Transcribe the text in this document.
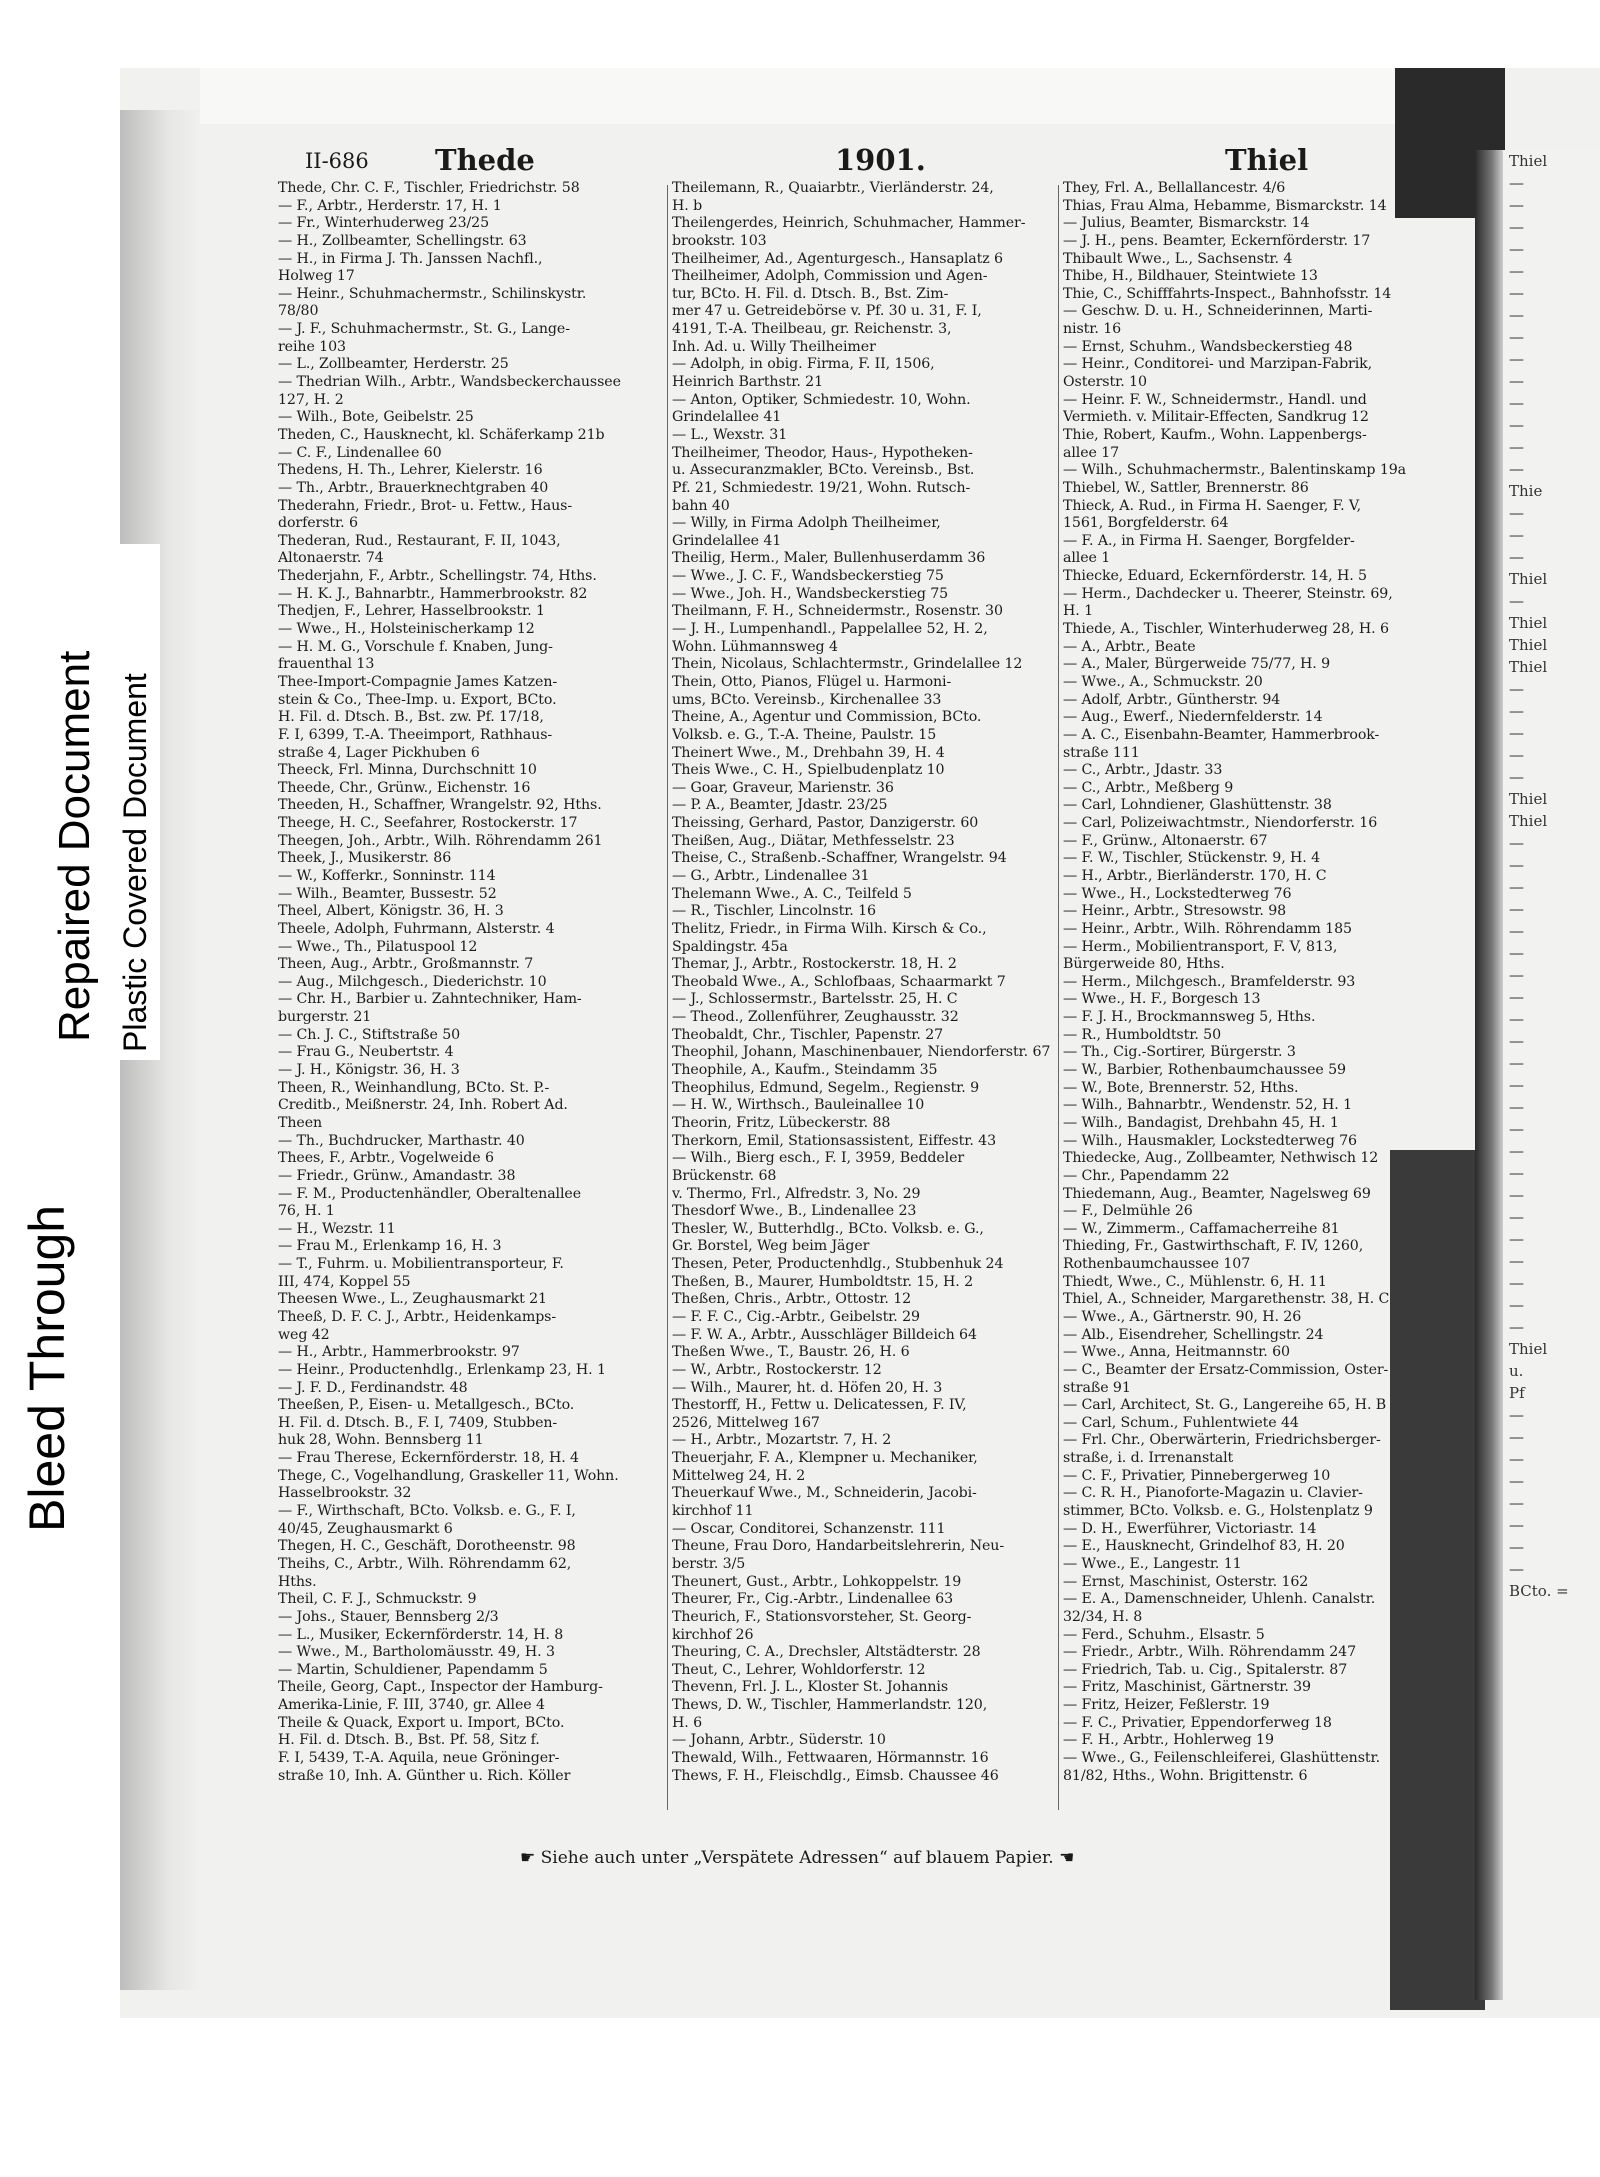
Thiel
—
—
—
—
—
—
—
—
—
—
—
—
—
—
Thie
—
—
—
Thiel
—
Thiel
Thiel
Thiel
—
—
—
—
—
Thiel
Thiel
—
—
—
—
—
—
—
—
—
—
—
—
—
—
—
—
—
—
—
—
—
—
—
Thiel
u.
Pf
—
—
—
—
—
—
—
—
BCto. =
Bleed Through
Repaired Document Plastic Covered Document
II-686 Thede	1901.	Thiel
Thede, Chr. C. F., Tischler, Friedrichstr. 58
— F., Arbtr., Herderstr. 17, H. 1
— Fr., Winterhuderweg 23/25
— H., Zollbeamter, Schellingstr. 63
— H., in Firma J. Th. Janssen Nachfl.,
Holweg 17
— Heinr., Schuhmachermstr., Schilinskystr.
78/80
— J. F., Schuhmachermstr., St. G., Lange-
reihe 103
— L., Zollbeamter, Herderstr. 25
— Thedrian Wilh., Arbtr., Wandsbeckerchaussee
127, H. 2
— Wilh., Bote, Geibelstr. 25
Theden, C., Hausknecht, kl. Schäferkamp 21b
— C. F., Lindenallee 60
Thedens, H. Th., Lehrer, Kielerstr. 16
— Th., Arbtr., Brauerknechtgraben 40
Thederahn, Friedr., Brot- u. Fettw., Haus-
dorferstr. 6
Thederan, Rud., Restaurant, F. II, 1043,
Altonaerstr. 74
Thederjahn, F., Arbtr., Schellingstr. 74, Hths.
— H. K. J., Bahnarbtr., Hammerbrookstr. 82
Thedjen, F., Lehrer, Hasselbrookstr. 1
— Wwe., H., Holsteinischerkamp 12
— H. M. G., Vorschule f. Knaben, Jung-
frauenthal 13
Thee-Import-Compagnie James Katzen-
stein & Co., Thee-Imp. u. Export, BCto.
H. Fil. d. Dtsch. B., Bst. zw. Pf. 17/18,
F. I, 6399, T.-A. Theeimport, Rathhaus-
straße 4, Lager Pickhuben 6
Theeck, Frl. Minna, Durchschnitt 10
Theede, Chr., Grünw., Eichenstr. 16
Theeden, H., Schaffner, Wrangelstr. 92, Hths.
Theege, H. C., Seefahrer, Rostockerstr. 17
Theegen, Joh., Arbtr., Wilh. Röhrendamm 261
Theek, J., Musikerstr. 86
— W., Kofferkr., Sonninstr. 114
— Wilh., Beamter, Bussestr. 52
Theel, Albert, Königstr. 36, H. 3
Theele, Adolph, Fuhrmann, Alsterstr. 4
— Wwe., Th., Pilatuspool 12
Theen, Aug., Arbtr., Großmannstr. 7
— Aug., Milchgesch., Diederichstr. 10
— Chr. H., Barbier u. Zahntechniker, Ham-
burgerstr. 21
— Ch. J. C., Stiftstraße 50
— Frau G., Neubertstr. 4
— J. H., Königstr. 36, H. 3
Theen, R., Weinhandlung, BCto. St. P.-
Creditb., Meißnerstr. 24, Inh. Robert Ad.
Theen
— Th., Buchdrucker, Marthastr. 40
Thees, F., Arbtr., Vogelweide 6
— Friedr., Grünw., Amandastr. 38
— F. M., Productenhändler, Oberaltenallee
76, H. 1
— H., Wezstr. 11
— Frau M., Erlenkamp 16, H. 3
— T., Fuhrm. u. Mobilientransporteur, F.
III, 474, Koppel 55
Theesen Wwe., L., Zeughausmarkt 21
Theeß, D. F. C. J., Arbtr., Heidenkamps-
weg 42
— H., Arbtr., Hammerbrookstr. 97
— Heinr., Productenhdlg., Erlenkamp 23, H. 1
— J. F. D., Ferdinandstr. 48
Theeßen, P., Eisen- u. Metallgesch., BCto.
H. Fil. d. Dtsch. B., F. I, 7409, Stubben-
huk 28, Wohn. Bennsberg 11
— Frau Therese, Eckernförderstr. 18, H. 4
Thege, C., Vogelhandlung, Graskeller 11, Wohn.
Hasselbrookstr. 32
— F., Wirthschaft, BCto. Volksb. e. G., F. I,
40/45, Zeughausmarkt 6
Thegen, H. C., Geschäft, Dorotheenstr. 98
Theihs, C., Arbtr., Wilh. Röhrendamm 62,
Hths.
Theil, C. F. J., Schmuckstr. 9
— Johs., Stauer, Bennsberg 2/3
— L., Musiker, Eckernförderstr. 14, H. 8
— Wwe., M., Bartholomäusstr. 49, H. 3
— Martin, Schuldiener, Papendamm 5
Theile, Georg, Capt., Inspector der Hamburg-
Amerika-Linie, F. III, 3740, gr. Allee 4
Theile & Quack, Export u. Import, BCto.
H. Fil. d. Dtsch. B., Bst. Pf. 58, Sitz f.
F. I, 5439, T.-A. Aquila, neue Gröninger-
straße 10, Inh. A. Günther u. Rich. Köller
Theilemann, R., Quaiarbtr., Vierländerstr. 24,
H. b
Theilengerdes, Heinrich, Schuhmacher, Hammer-
brookstr. 103
Theilheimer, Ad., Agenturgesch., Hansaplatz 6
Theilheimer, Adolph, Commission und Agen-
tur, BCto. H. Fil. d. Dtsch. B., Bst. Zim-
mer 47 u. Getreidebörse v. Pf. 30 u. 31, F. I,
4191, T.-A. Theilbeau, gr. Reichenstr. 3,
Inh. Ad. u. Willy Theilheimer
— Adolph, in obig. Firma, F. II, 1506,
Heinrich Barthstr. 21
— Anton, Optiker, Schmiedestr. 10, Wohn.
Grindelallee 41
— L., Wexstr. 31
Theilheimer, Theodor, Haus-, Hypotheken-
u. Assecuranzmakler, BCto. Vereinsb., Bst.
Pf. 21, Schmiedestr. 19/21, Wohn. Rutsch-
bahn 40
— Willy, in Firma Adolph Theilheimer,
Grindelallee 41
Theilig, Herm., Maler, Bullenhuserdamm 36
— Wwe., J. C. F., Wandsbeckerstieg 75
— Wwe., Joh. H., Wandsbeckerstieg 75
Theilmann, F. H., Schneidermstr., Rosenstr. 30
— J. H., Lumpenhandl., Pappelallee 52, H. 2,
Wohn. Lühmannsweg 4
Thein, Nicolaus, Schlachtermstr., Grindelallee 12
Thein, Otto, Pianos, Flügel u. Harmoni-
ums, BCto. Vereinsb., Kirchenallee 33
Theine, A., Agentur und Commission, BCto.
Volksb. e. G., T.-A. Theine, Paulstr. 15
Theinert Wwe., M., Drehbahn 39, H. 4
Theis Wwe., C. H., Spielbudenplatz 10
— Goar, Graveur, Marienstr. 36
— P. A., Beamter, Jdastr. 23/25
Theissing, Gerhard, Pastor, Danzigerstr. 60
Theißen, Aug., Diätar, Methfesselstr. 23
Theise, C., Straßenb.-Schaffner, Wrangelstr. 94
— G., Arbtr., Lindenallee 31
Thelemann Wwe., A. C., Teilfeld 5
— R., Tischler, Lincolnstr. 16
Thelitz, Friedr., in Firma Wilh. Kirsch & Co.,
Spaldingstr. 45a
Themar, J., Arbtr., Rostockerstr. 18, H. 2
Theobald Wwe., A., Schlofbaas, Schaarmarkt 7
— J., Schlossermstr., Bartelsstr. 25, H. C
— Theod., Zollenführer, Zeughausstr. 32
Theobaldt, Chr., Tischler, Papenstr. 27
Theophil, Johann, Maschinenbauer, Niendorferstr. 67
Theophile, A., Kaufm., Steindamm 35
Theophilus, Edmund, Segelm., Regienstr. 9
— H. W., Wirthsch., Bauleinallee 10
Theorin, Fritz, Lübeckerstr. 88
Therkorn, Emil, Stationsassistent, Eiffestr. 43
— Wilh., Bierg esch., F. I, 3959, Beddeler
Brückenstr. 68
v. Thermo, Frl., Alfredstr. 3, No. 29
Thesdorf Wwe., B., Lindenallee 23
Thesler, W., Butterhdlg., BCto. Volksb. e. G.,
Gr. Borstel, Weg beim Jäger
Thesen, Peter, Productenhdlg., Stubbenhuk 24
Theßen, B., Maurer, Humboldtstr. 15, H. 2
Theßen, Chris., Arbtr., Ottostr. 12
— F. F. C., Cig.-Arbtr., Geibelstr. 29
— F. W. A., Arbtr., Ausschläger Billdeich 64
Theßen Wwe., T., Baustr. 26, H. 6
— W., Arbtr., Rostockerstr. 12
— Wilh., Maurer, ht. d. Höfen 20, H. 3
Thestorff, H., Fettw u. Delicatessen, F. IV,
2526, Mittelweg 167
— H., Arbtr., Mozartstr. 7, H. 2
Theuerjahr, F. A., Klempner u. Mechaniker,
Mittelweg 24, H. 2
Theuerkauf Wwe., M., Schneiderin, Jacobi-
kirchhof 11
— Oscar, Conditorei, Schanzenstr. 111
Theune, Frau Doro, Handarbeitslehrerin, Neu-
berstr. 3/5
Theunert, Gust., Arbtr., Lohkoppelstr. 19
Theurer, Fr., Cig.-Arbtr., Lindenallee 63
Theurich, F., Stationsvorsteher, St. Georg-
kirchhof 26
Theuring, C. A., Drechsler, Altstädterstr. 28
Theut, C., Lehrer, Wohldorferstr. 12
Thevenn, Frl. J. L., Kloster St. Johannis
Thews, D. W., Tischler, Hammerlandstr. 120,
H. 6
— Johann, Arbtr., Süderstr. 10
Thewald, Wilh., Fettwaaren, Hörmannstr. 16
Thews, F. H., Fleischdlg., Eimsb. Chaussee 46
They, Frl. A., Bellallancestr. 4/6
Thias, Frau Alma, Hebamme, Bismarckstr. 14
— Julius, Beamter, Bismarckstr. 14
— J. H., pens. Beamter, Eckernförderstr. 17
Thibault Wwe., L., Sachsenstr. 4
Thibe, H., Bildhauer, Steintwiete 13
Thie, C., Schifffahrts-Inspect., Bahnhofsstr. 14
— Geschw. D. u. H., Schneiderinnen, Marti-
nistr. 16
— Ernst, Schuhm., Wandsbeckerstieg 48
— Heinr., Conditorei- und Marzipan-Fabrik,
Osterstr. 10
— Heinr. F. W., Schneidermstr., Handl. und
Vermieth. v. Militair-Effecten, Sandkrug 12
Thie, Robert, Kaufm., Wohn. Lappenbergs-
allee 17
— Wilh., Schuhmachermstr., Balentinskamp 19a
Thiebel, W., Sattler, Brennerstr. 86
Thieck, A. Rud., in Firma H. Saenger, F. V,
1561, Borgfelderstr. 64
— F. A., in Firma H. Saenger, Borgfelder-
allee 1
Thiecke, Eduard, Eckernförderstr. 14, H. 5
— Herm., Dachdecker u. Theerer, Steinstr. 69,
H. 1
Thiede, A., Tischler, Winterhuderweg 28, H. 6
— A., Arbtr., Beate
— A., Maler, Bürgerweide 75/77, H. 9
— Wwe., A., Schmuckstr. 20
— Adolf, Arbtr., Güntherstr. 94
— Aug., Ewerf., Niedernfelderstr. 14
— A. C., Eisenbahn-Beamter, Hammerbrook-
straße 111
— C., Arbtr., Jdastr. 33
— C., Arbtr., Meßberg 9
— Carl, Lohndiener, Glashüttenstr. 38
— Carl, Polizeiwachtmstr., Niendorferstr. 16
— F., Grünw., Altonaerstr. 67
— F. W., Tischler, Stückenstr. 9, H. 4
— H., Arbtr., Bierländerstr. 170, H. C
— Wwe., H., Lockstedterweg 76
— Heinr., Arbtr., Stresowstr. 98
— Heinr., Arbtr., Wilh. Röhrendamm 185
— Herm., Mobilientransport, F. V, 813,
Bürgerweide 80, Hths.
— Herm., Milchgesch., Bramfelderstr. 93
— Wwe., H. F., Borgesch 13
— F. J. H., Brockmannsweg 5, Hths.
— R., Humboldtstr. 50
— Th., Cig.-Sortirer, Bürgerstr. 3
— W., Barbier, Rothenbaumchaussee 59
— W., Bote, Brennerstr. 52, Hths.
— Wilh., Bahnarbtr., Wendenstr. 52, H. 1
— Wilh., Bandagist, Drehbahn 45, H. 1
— Wilh., Hausmakler, Lockstedterweg 76
Thiedecke, Aug., Zollbeamter, Nethwisch 12
— Chr., Papendamm 22
Thiedemann, Aug., Beamter, Nagelsweg 69
— F., Delmühle 26
— W., Zimmerm., Caffamacherreihe 81
Thieding, Fr., Gastwirthschaft, F. IV, 1260,
Rothenbaumchaussee 107
Thiedt, Wwe., C., Mühlenstr. 6, H. 11
Thiel, A., Schneider, Margarethenstr. 38, H. C
— Wwe., A., Gärtnerstr. 90, H. 26
— Alb., Eisendreher, Schellingstr. 24
— Wwe., Anna, Heitmannstr. 60
— C., Beamter der Ersatz-Commission, Oster-
straße 91
— Carl, Architect, St. G., Langereihe 65, H. B
— Carl, Schum., Fuhlentwiete 44
— Frl. Chr., Oberwärterin, Friedrichsberger-
straße, i. d. Irrenanstalt
— C. F., Privatier, Pinnebergerweg 10
— C. R. H., Pianoforte-Magazin u. Clavier-
stimmer, BCto. Volksb. e. G., Holstenplatz 9
— D. H., Ewerführer, Victoriastr. 14
— E., Hausknecht, Grindelhof 83, H. 20
— Wwe., E., Langestr. 11
— Ernst, Maschinist, Osterstr. 162
— E. A., Damenschneider, Uhlenh. Canalstr.
32/34, H. 8
— Ferd., Schuhm., Elsastr. 5
— Friedr., Arbtr., Wilh. Röhrendamm 247
— Friedrich, Tab. u. Cig., Spitalerstr. 87
— Fritz, Maschinist, Gärtnerstr. 39
— Fritz, Heizer, Feßlerstr. 19
— F. C., Privatier, Eppendorferweg 18
— F. H., Arbtr., Hohlerweg 19
— Wwe., G., Feilenschleiferei, Glashüttenstr.
81/82, Hths., Wohn. Brigittenstr. 6
☛ Siehe auch unter „Verspätete Adressen“ auf blauem Papier. ☚
